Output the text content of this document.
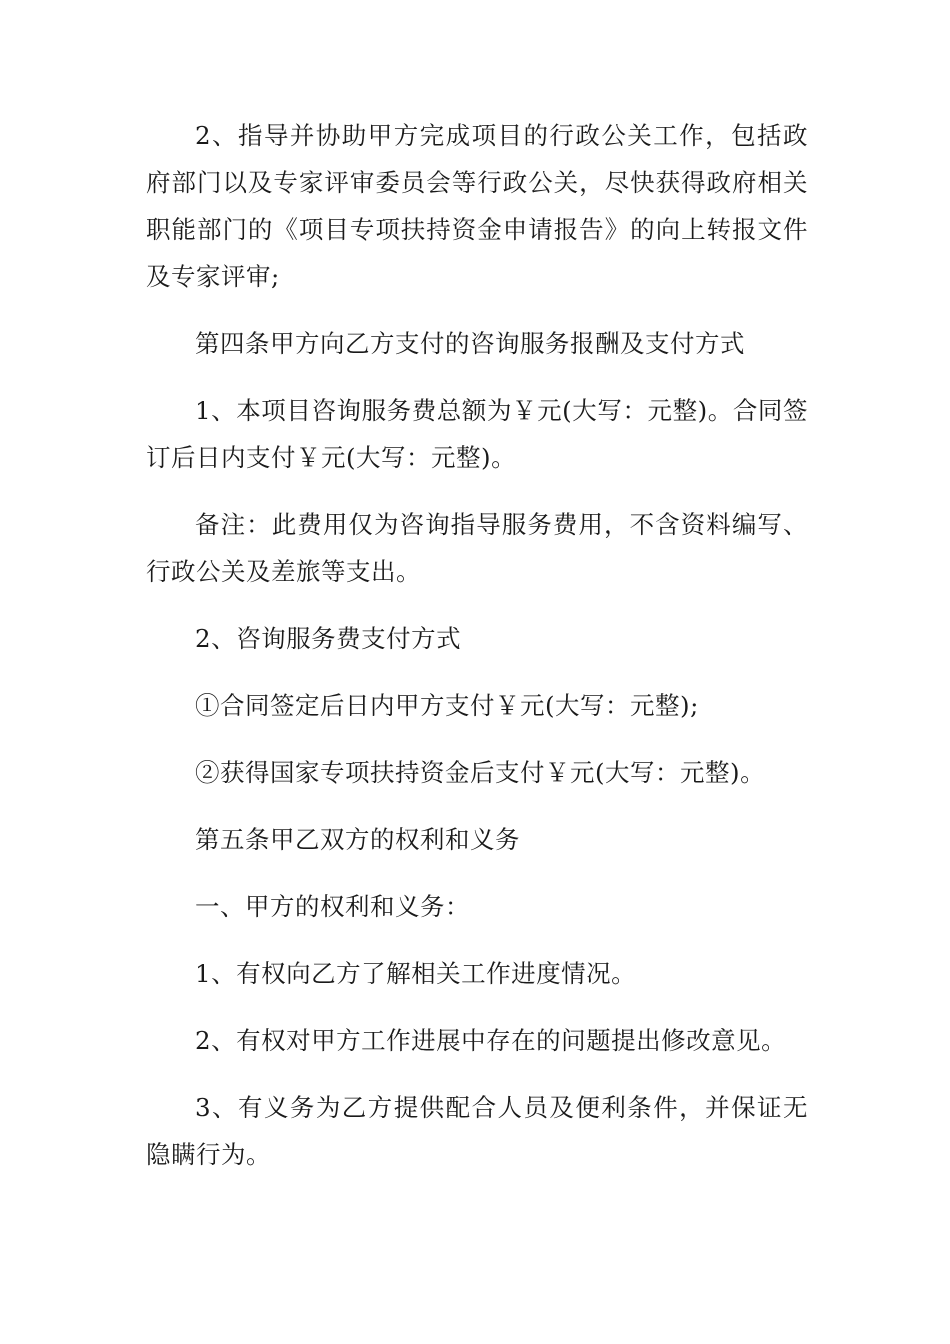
2、指导并协助甲方完成项目的行政公关工作，包括政府部门以及专家评审委员会等行政公关，尽快获得政府相关职能部门的《项目专项扶持资金申请报告》的向上转报文件及专家评审;

第四条甲方向乙方支付的咨询服务报酬及支付方式

1、本项目咨询服务费总额为￥元(大写：元整)。合同签订后日内支付￥元(大写：元整)。

备注：此费用仅为咨询指导服务费用，不含资料编写、行政公关及差旅等支出。

2、咨询服务费支付方式

①合同签定后日内甲方支付￥元(大写：元整);

②获得国家专项扶持资金后支付￥元(大写：元整)。

第五条甲乙双方的权利和义务

一、甲方的权利和义务：

1、有权向乙方了解相关工作进度情况。

2、有权对甲方工作进展中存在的问题提出修改意见。

3、有义务为乙方提供配合人员及便利条件，并保证无隐瞒行为。
